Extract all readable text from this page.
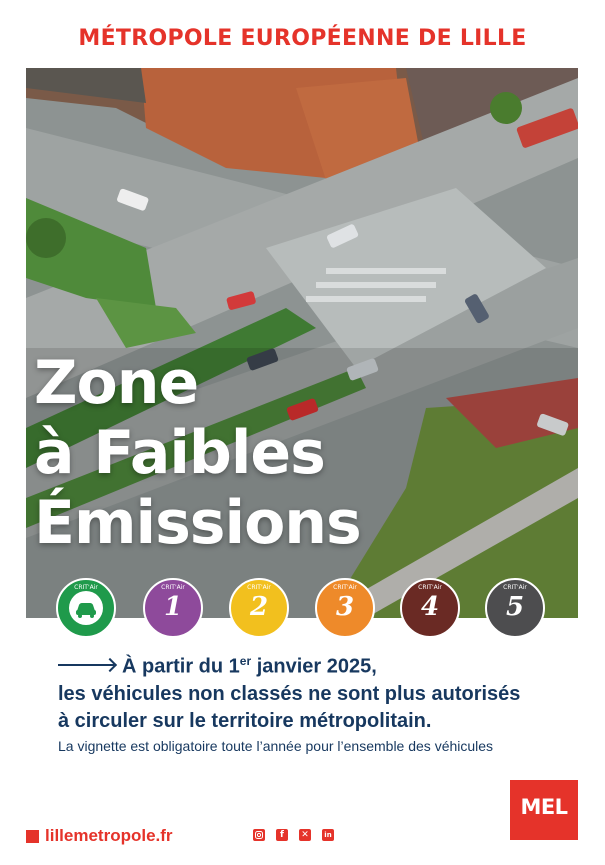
MÉTROPOLE EUROPÉENNE DE LILLE
Zone
à Faibles
Émissions
CRIT'Air	CRIT'Air
1
CRIT'Air
2
CRIT'Air
3
CRIT'Air
4
CRIT'Air
5
À partir du 1er janvier 2025,
les véhicules non classés ne sont plus autorisés
à circuler sur le territoire métropolitain.
La vignette est obligatoire toute l’année pour l’ensemble des véhicules
MEL
lillemetropole.fr	f	✕	in
